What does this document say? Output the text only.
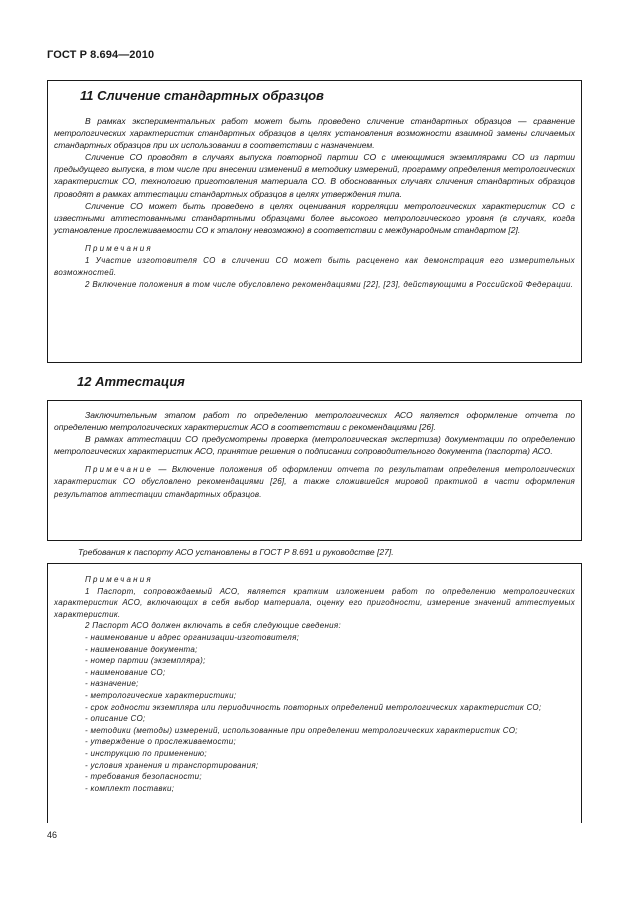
ГОСТ Р 8.694—2010
11 Сличение стандартных образцов

В рамках экспериментальных работ может быть проведено сличение стандартных образцов — сравнение метрологических характеристик стандартных образцов в целях установления возможности взаимной замены сличаемых стандартных образцов при их использовании в соответствии с назначением.

Сличение СО проводят в случаях выпуска повторной партии СО с имеющимися экземплярами СО из партии предыдущего выпуска, в том числе при внесении изменений в методику измерений, программу определения метрологических характеристик СО, технологию приготовления материала СО. В обоснованных случаях сличения стандартных образцов проводят в рамках аттестации стандартных образцов в целях утверждения типа.

Сличение СО может быть проведено в целях оценивания корреляции метрологических характеристик СО с известными аттестованными стандартными образцами более высокого метрологического уровня (в случаях, когда установление прослеживаемости СО к эталону невозможно) в соответствии с международным стандартом [2].

Примечания

1 Участие изготовителя СО в сличении СО может быть расценено как демонстрация его измерительных возможностей.

2 Включение положения в том числе обусловлено рекомендациями [22], [23], действующими в Российской Федерации.

12 Аттестация

Заключительным этапом работ по определению метрологических АСО является оформление отчета по определению метрологических характеристик АСО в соответствии с рекомендациями [26].

В рамках аттестации СО предусмотрены проверка (метрологическая экспертиза) документации по определению метрологических характеристик АСО, принятие решения о подписании сопроводительного документа (паспорта) АСО.

Примечание — Включение положения об оформлении отчета по результатам определения метрологических характеристик СО обусловлено рекомендациями [26], а также сложившейся мировой практикой в части оформления результатов аттестации стандартных образцов.

Требования к паспорту АСО установлены в ГОСТ Р 8.691 и руководстве [27].

Примечания

1 Паспорт, сопровождаемый АСО, является кратким изложением работ по определению метрологических характеристик АСО, включающих в себя выбор материала, оценку его пригодности, измерение значений аттестуемых характеристик.

2 Паспорт АСО должен включать в себя следующие сведения:

- наименование и адрес организации-изготовителя;

- наименование документа;

- номер партии (экземпляра);

- наименование СО;

- назначение;

- метрологические характеристики;

- срок годности экземпляра или периодичность повторных определений метрологических характеристик СО;

- описание СО;

- методики (методы) измерений, использованные при определении метрологических характеристик СО;

- утверждение о прослеживаемости;

- инструкцию по применению;

- условия хранения и транспортирования;

- требования безопасности;

- комплект поставки;

46
